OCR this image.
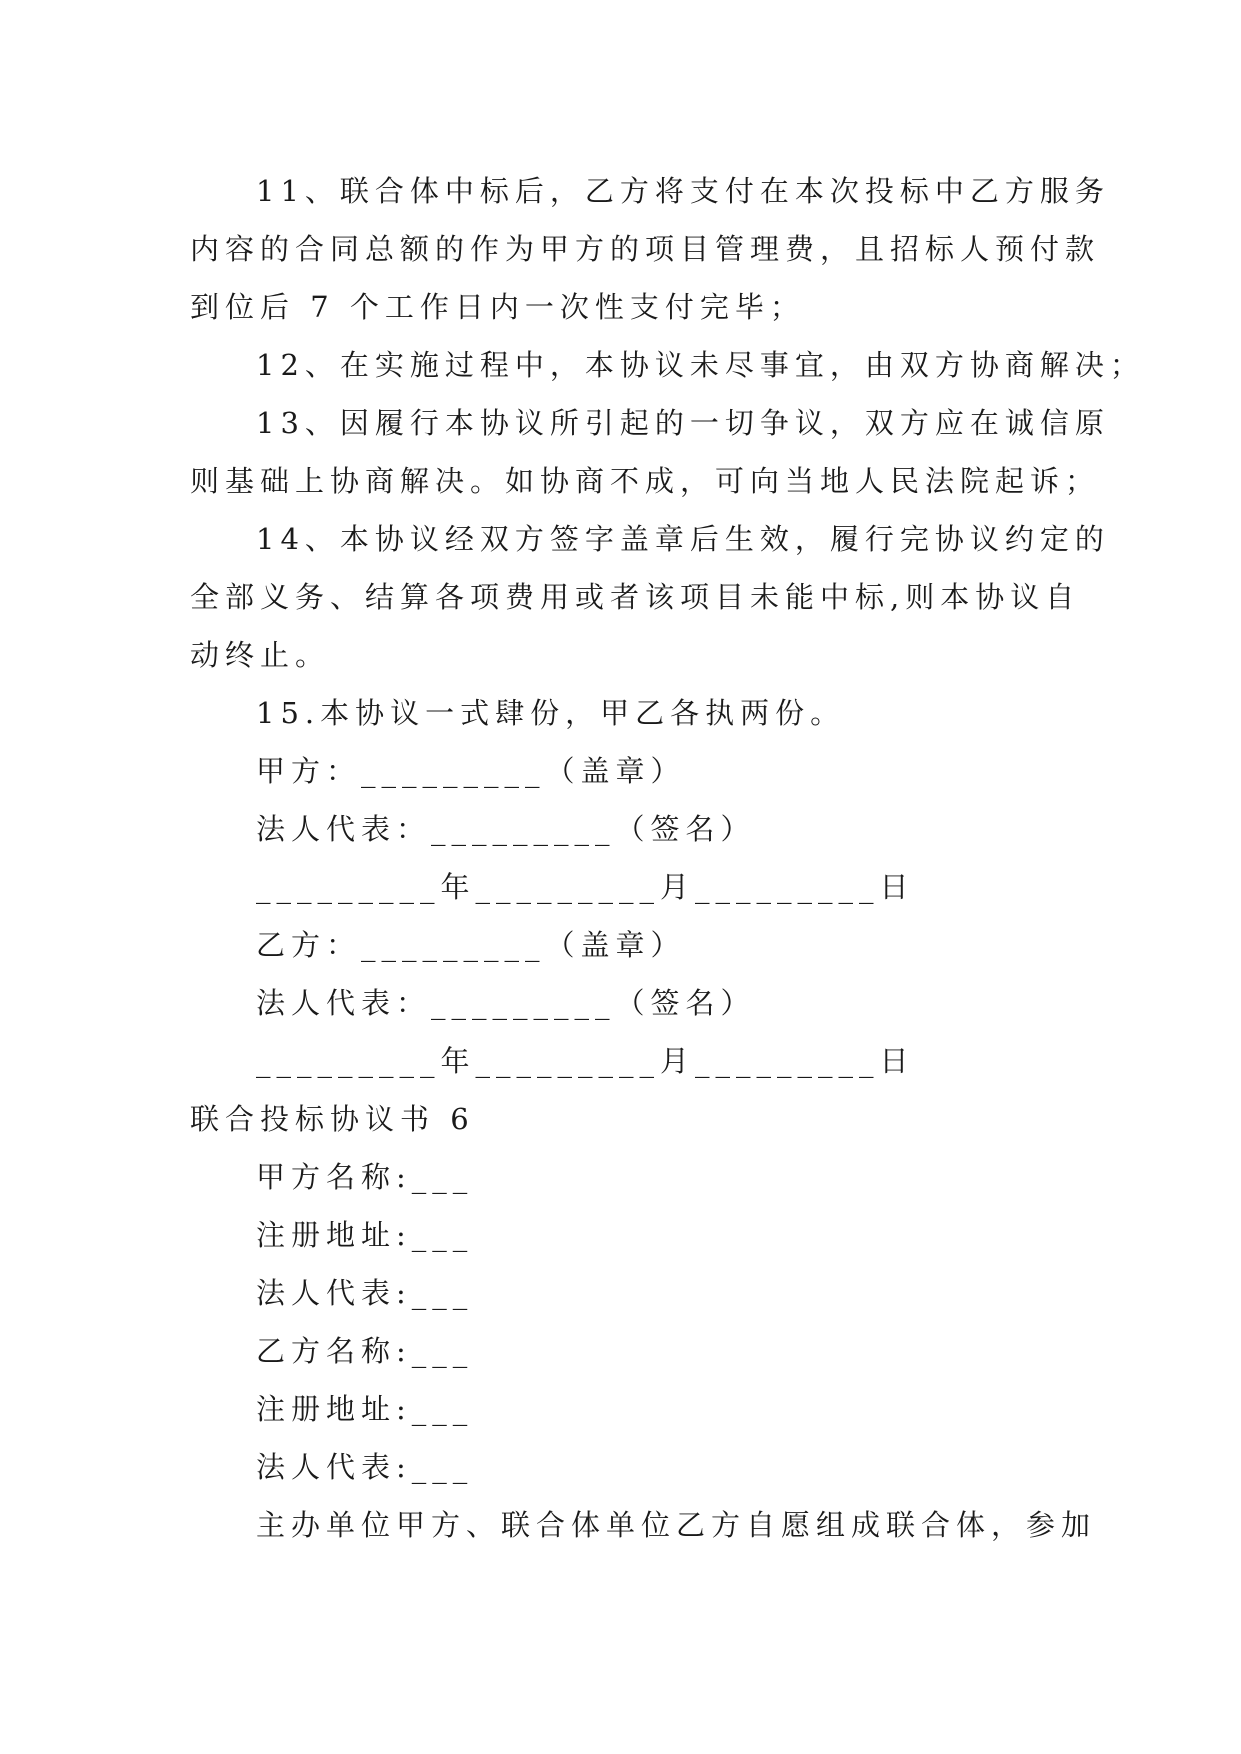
11、联合体中标后，乙方将支付在本次投标中乙方服务
内容的合同总额的作为甲方的项目管理费，且招标人预付款
到位后 7 个工作日内一次性支付完毕；
12、在实施过程中，本协议未尽事宜，由双方协商解决；
13、因履行本协议所引起的一切争议，双方应在诚信原
则基础上协商解决。如协商不成，可向当地人民法院起诉；
14、本协议经双方签字盖章后生效，履行完协议约定的
全部义务、结算各项费用或者该项目未能中标,则本协议自
动终止。
15.本协议一式肆份，甲乙各执两份。
甲方：_________（盖章）
法人代表：_________（签名）
_________年_________月_________日
乙方：_________（盖章）
法人代表：_________（签名）
_________年_________月_________日
联合投标协议书 6
甲方名称:___
注册地址:___
法人代表:___
乙方名称:___
注册地址:___
法人代表:___
主办单位甲方、联合体单位乙方自愿组成联合体，参加
